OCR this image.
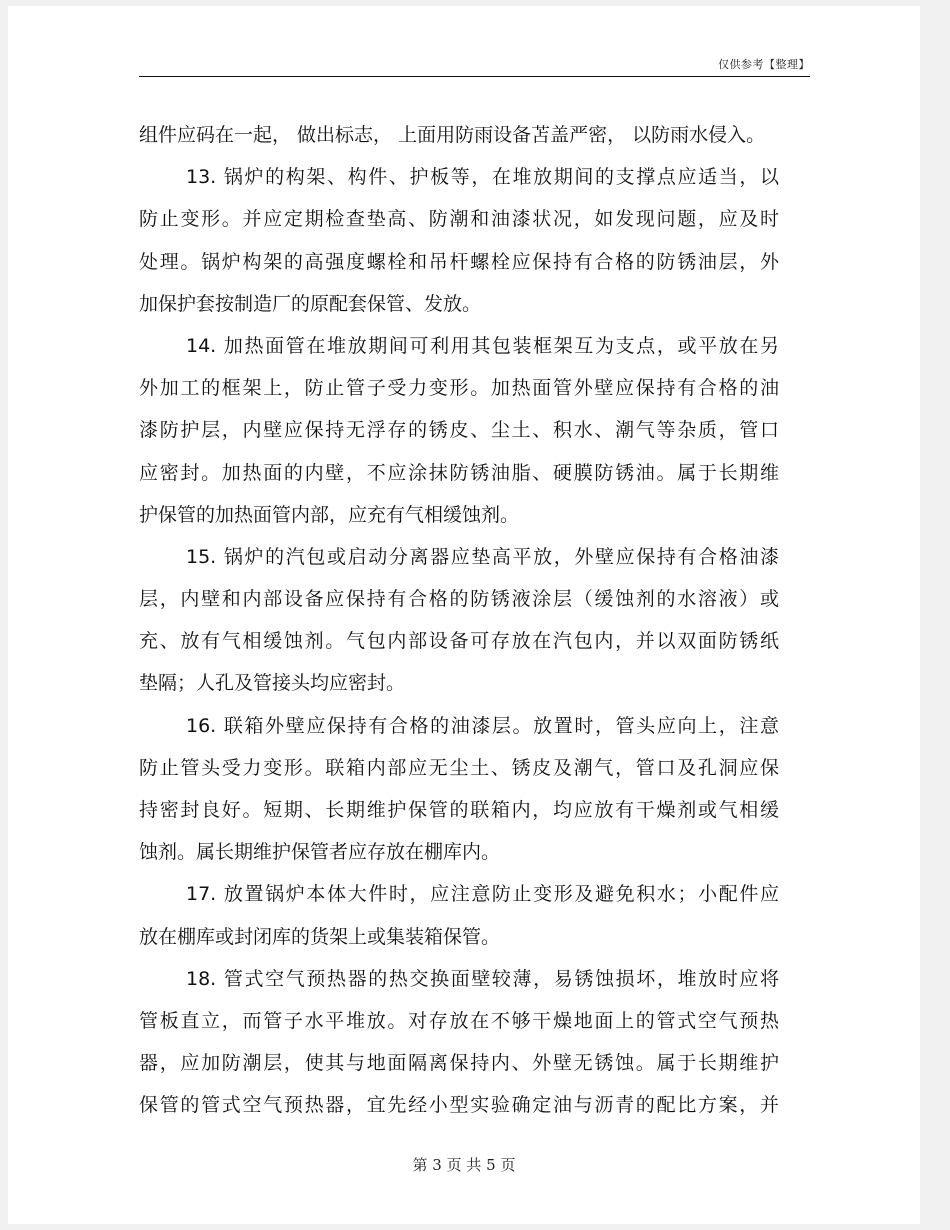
仅供参考【整理】
组件应码在一起， 做出标志， 上面用防雨设备苫盖严密， 以防雨水侵入。
13. 锅炉的构架、构件、护板等，在堆放期间的支撑点应适当，以
防止变形。并应定期检查垫高、防潮和油漆状况，如发现问题，应及时
处理。锅炉构架的高强度螺栓和吊杆螺栓应保持有合格的防锈油层，外
加保护套按制造厂的原配套保管、发放。
14. 加热面管在堆放期间可利用其包装框架互为支点，或平放在另
外加工的框架上，防止管子受力变形。加热面管外壁应保持有合格的油
漆防护层，内壁应保持无浮存的锈皮、尘土、积水、潮气等杂质，管口
应密封。加热面的内壁，不应涂抹防锈油脂、硬膜防锈油。属于长期维
护保管的加热面管内部，应充有气相缓蚀剂。
15. 锅炉的汽包或启动分离器应垫高平放，外壁应保持有合格油漆
层，内壁和内部设备应保持有合格的防锈液涂层（缓蚀剂的水溶液）或
充、放有气相缓蚀剂。气包内部设备可存放在汽包内，并以双面防锈纸
垫隔；人孔及管接头均应密封。
16. 联箱外壁应保持有合格的油漆层。放置时，管头应向上，注意
防止管头受力变形。联箱内部应无尘土、锈皮及潮气，管口及孔洞应保
持密封良好。短期、长期维护保管的联箱内，均应放有干燥剂或气相缓
蚀剂。属长期维护保管者应存放在棚库内。
17. 放置锅炉本体大件时，应注意防止变形及避免积水；小配件应
放在棚库或封闭库的货架上或集装箱保管。
18. 管式空气预热器的热交换面壁较薄，易锈蚀损坏，堆放时应将
管板直立，而管子水平堆放。对存放在不够干燥地面上的管式空气预热
器，应加防潮层，使其与地面隔离保持内、外壁无锈蚀。属于长期维护
保管的管式空气预热器，宜先经小型实验确定油与沥青的配比方案，并
第 3 页 共 5 页
